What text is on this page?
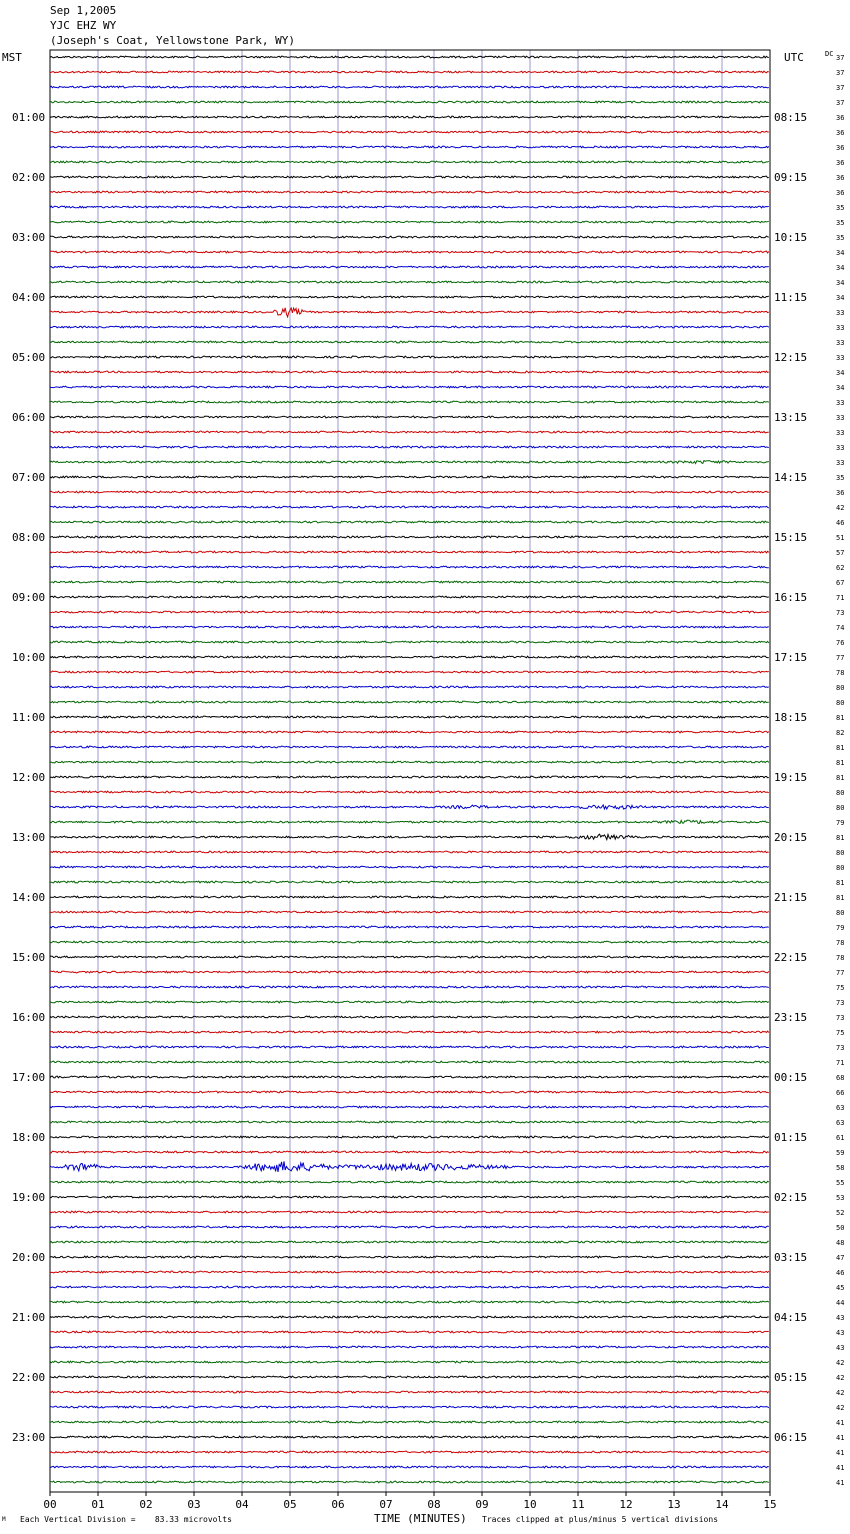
Sep 1,2005
YJC EHZ WY
(Joseph's Coat, Yellowstone Park, WY)
00	01	02	03	04	05	06	07	08	09	10	11	12	13	14	15
01:00
02:00
03:00
04:00
05:00
06:00
07:00
08:00
09:00
10:00
11:00
12:00
13:00
14:00
15:00
16:00
17:00
18:00
19:00
20:00
21:00
22:00
23:00
08:15
09:15
10:15
11:15
12:15
13:15
14:15
15:15
16:15
17:15
18:15
19:15
20:15
21:15
22:15
23:15
00:15
01:15
02:15
03:15
04:15
05:15
06:15
37
37
37
37
36
36
36
36
36
36
35
35
35
34
34
34
34
33
33
33
33
34
34
33
33
33
33
33
35
36
42
46
51
57
62
67
71
73
74
76
77
78
80
80
81
82
81
81
81
80
80
79
81
80
80
81
81
80
79
78
78
77
75
73
73
75
73
71
68
66
63
63
61
59
58
55
53
52
50
48
47
46
45
44
43
43
43
42
42
42
42
41
41
41
41
41
MST	UTC	DC
M Each Vertical Division =    83.33 microvolts	TIME (MINUTES) Traces clipped at plus/minus 5 vertical divisions
